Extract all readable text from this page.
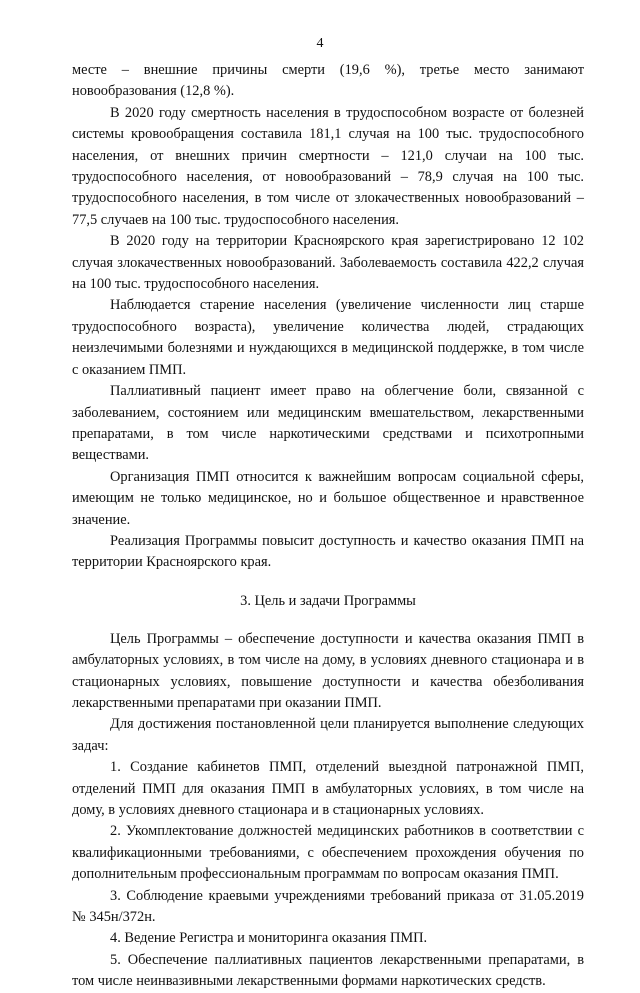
4

месте – внешние причины смерти (19,6 %), третье место занимают новообразования (12,8 %).

В 2020 году смертность населения в трудоспособном возрасте от болезней системы кровообращения составила 181,1 случая на 100 тыс. трудоспособного населения, от внешних причин смертности – 121,0 случаи на 100 тыс. трудоспособного населения, от новообразований – 78,9 случая на 100 тыс. трудоспособного населения, в том числе от злокачественных новообразований – 77,5 случаев на 100 тыс. трудоспособного населения.

В 2020 году на территории Красноярского края зарегистрировано 12 102 случая злокачественных новообразований. Заболеваемость составила 422,2 случая на 100 тыс. трудоспособного населения.

Наблюдается старение населения (увеличение численности лиц старше трудоспособного возраста), увеличение количества людей, страдающих неизлечимыми болезнями и нуждающихся в медицинской поддержке, в том числе с оказанием ПМП.

Паллиативный пациент имеет право на облегчение боли, связанной с заболеванием, состоянием или медицинским вмешательством, лекарственными препаратами, в том числе наркотическими средствами и психотропными веществами.

Организация ПМП относится к важнейшим вопросам социальной сферы, имеющим не только медицинское, но и большое общественное и нравственное значение.

Реализация Программы повысит доступность и качество оказания ПМП на территории Красноярского края.

3. Цель и задачи Программы

Цель Программы – обеспечение доступности и качества оказания ПМП в амбулаторных условиях, в том числе на дому, в условиях дневного стационара и в стационарных условиях, повышение доступности и качества обезболивания лекарственными препаратами при оказании ПМП.

Для достижения постановленной цели планируется выполнение следующих задач:

1. Создание кабинетов ПМП, отделений выездной патронажной ПМП, отделений ПМП для оказания ПМП в амбулаторных условиях, в том числе на дому, в условиях дневного стационара и в стационарных условиях.

2. Укомплектование должностей медицинских работников в соответствии с квалификационными требованиями, с обеспечением прохождения обучения по дополнительным профессиональным программам по вопросам оказания ПМП.

3. Соблюдение краевыми учреждениями требований приказа от 31.05.2019 № 345н/372н.

4. Ведение Регистра и мониторинга оказания ПМП.

5. Обеспечение паллиативных пациентов лекарственными препаратами, в том числе неинвазивными лекарственными формами наркотических средств.
